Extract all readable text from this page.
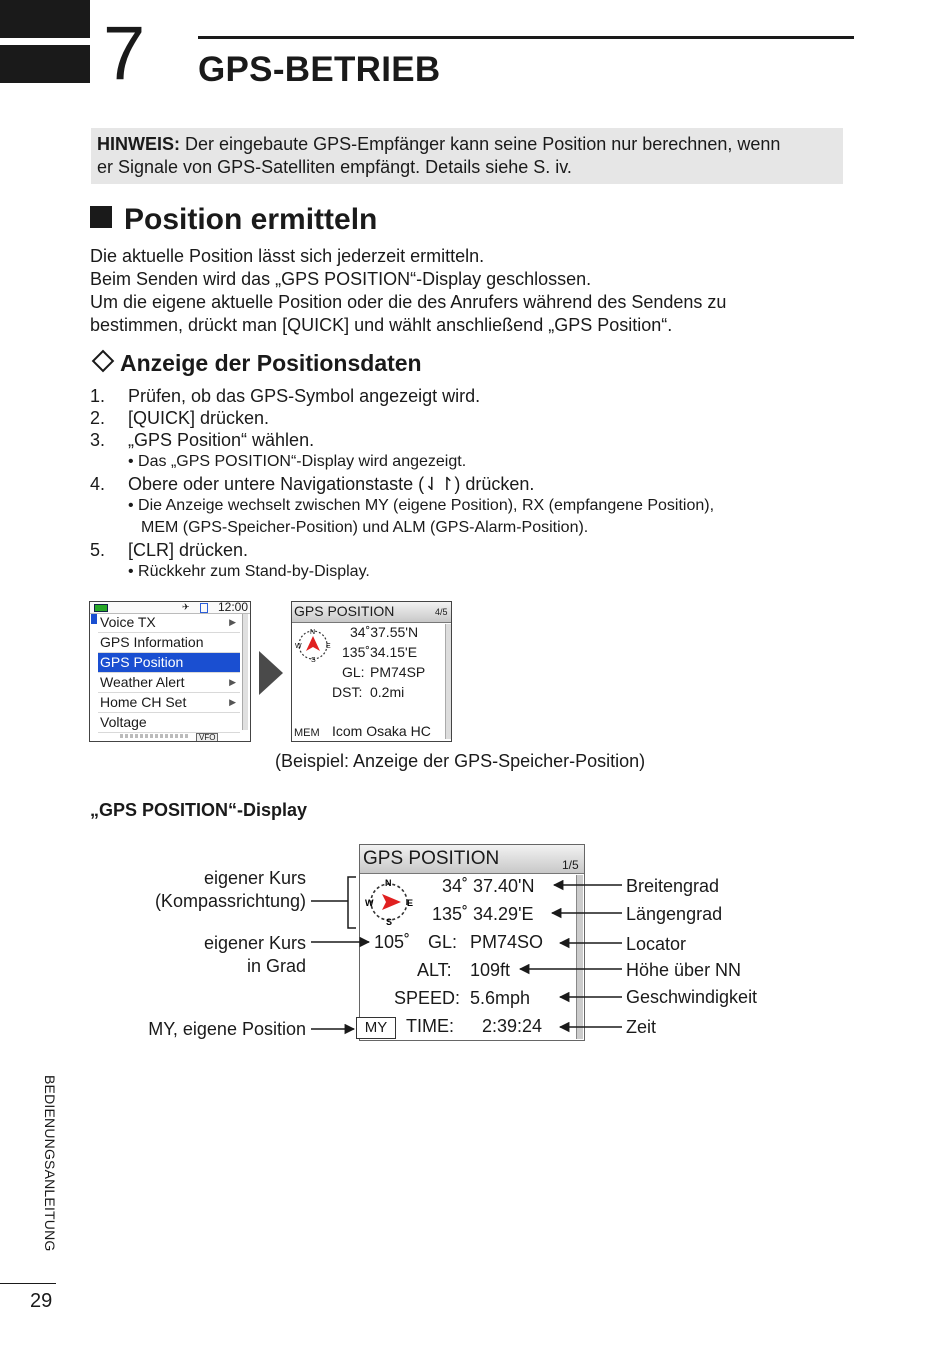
7 GPS-BETRIEB
HINWEIS: Der eingebaute GPS-Empfänger kann seine Position nur berechnen, wenn
er Signale von GPS-Satelliten empfängt. Details siehe S. iv.
Position ermitteln
Die aktuelle Position lässt sich jederzeit ermitteln.
Beim Senden wird das „GPS POSITION“-Display geschlossen.
Um die eigene aktuelle Position oder die des Anrufers während des Sendens zu
bestimmen, drückt man [QUICK] und wählt anschließend „GPS Position“.
Anzeige der Positionsdaten
1. Prüfen, ob das GPS-Symbol angezeigt wird.
2. [QUICK] drücken.
3. „GPS Position“ wählen.
• Das „GPS POSITION“-Display wird angezeigt.
4. Obere oder untere Navigationstaste (⇃↾) drücken.
• Die Anzeige wechselt zwischen MY (eigene Position), RX (empfangene Position),
MEM (GPS-Speicher-Position) und ALM (GPS-Alarm-Position).
5. [CLR] drücken.
• Rückkehr zum Stand-by-Display.
✈ 12:00
Voice TX	▶
GPS Information
GPS Position
Weather Alert	▶
Home CH Set	▶
Voltage
VFO
GPS POSITION	4/5
N
W	E
S
34˚37.55'N
135˚34.15'E
GL: PM74SP
DST: 0.2mi
MEM Icom Osaka HC
(Beispiel: Anzeige der GPS-Speicher-Position)
„GPS POSITION“-Display
GPS POSITION	1/5
N
W	E
S
34˚ 37.40'N
135˚ 34.29'E
105˚ GL: PM74SO
ALT: 109ft
SPEED: 5.6mph
TIME: 2:39:24
MY
eigener Kurs
(Kompassrichtung)
eigener Kurs
in Grad
MY, eigene Position
Breitengrad
Längengrad
Locator
Höhe über NN
Geschwindigkeit
Zeit
BEDIENUNGSANLEITUNG
29
